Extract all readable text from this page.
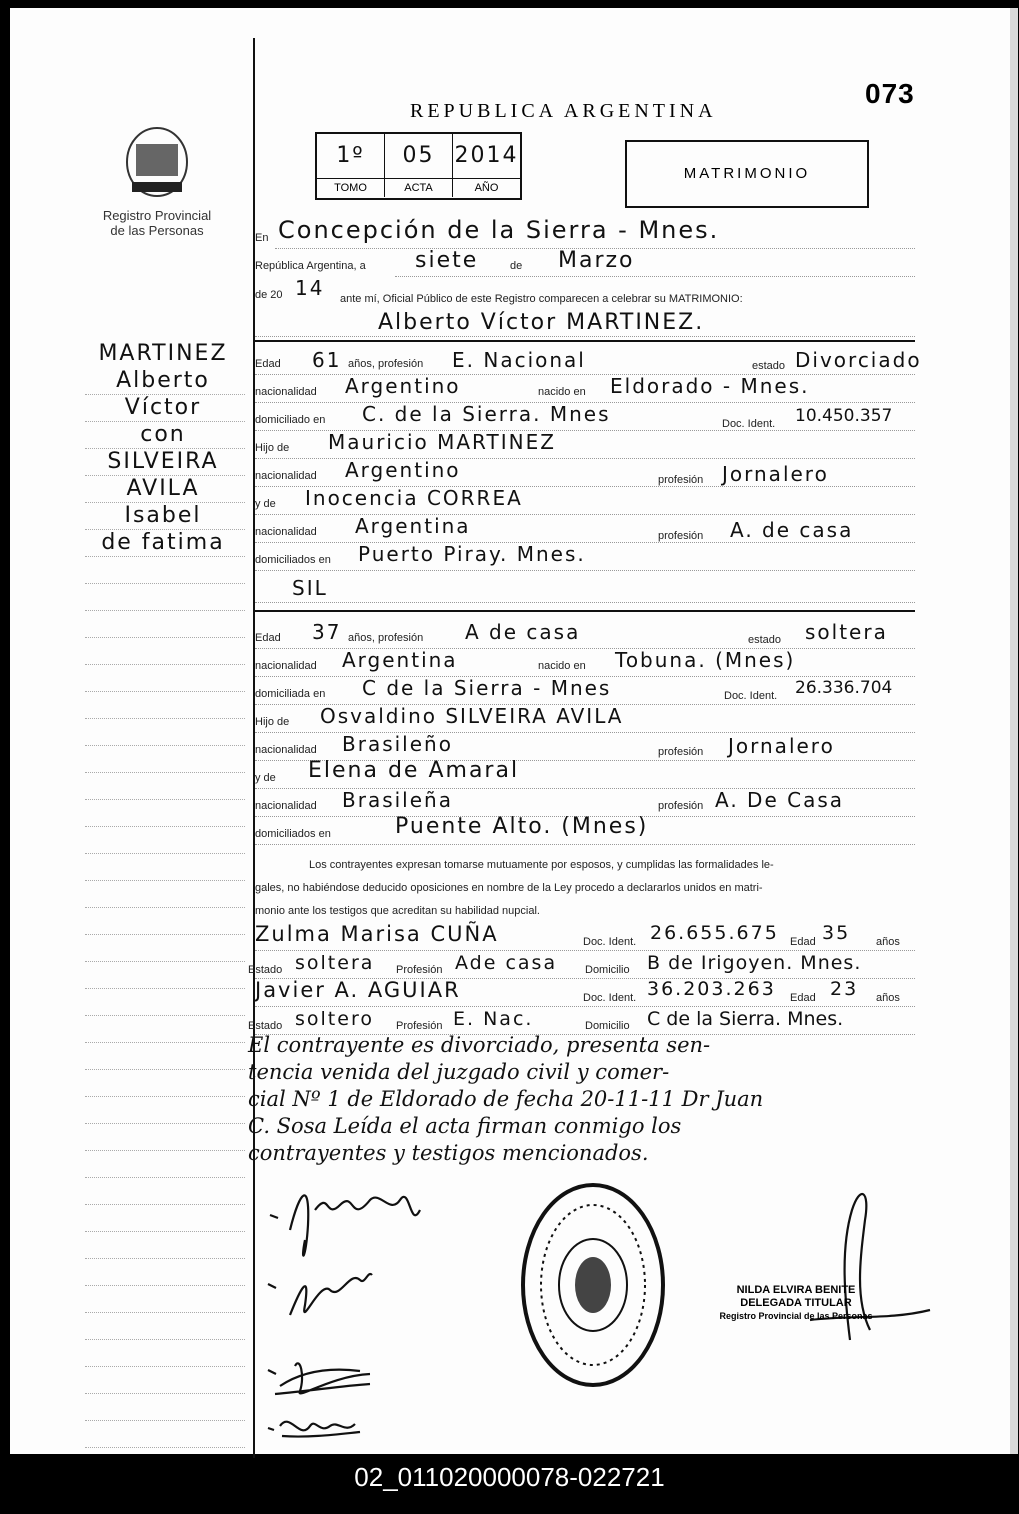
Registro Provincial
de las Personas
MARTINEZ
Alberto
Víctor
con
SILVEIRA
AVILA
Isabel
de fatima
REPUBLICA ARGENTINA
073
1º	05 2014
TOMO	ACTA	AÑO
MATRIMONIO
En Concepción de la Sierra - Mnes.
República Argentina, a siete	de Marzo
de 20 14 ante mí, Oficial Público de este Registro comparecen a celebrar su MATRIMONIO:
Alberto Víctor MARTINEZ.
Edad 61 años, profesión E. Nacional	estado Divorciado
nacionalidad Argentino	nacido en Eldorado - Mnes.
domiciliado en C. de la Sierra. Mnes	Doc. Ident. 10.450.357
Hijo de Mauricio MARTINEZ
nacionalidad Argentino	profesión Jornalero
y de Inocencia CORREA
nacionalidad Argentina	profesión A. de casa
domiciliados en Puerto Piray. Mnes.
SIL
Edad 37 años, profesión A de casa	estado soltera
nacionalidad Argentina	nacido en Tobuna. (Mnes)
domiciliada en C de la Sierra - Mnes	Doc. Ident. 26.336.704
Hijo de Osvaldino SILVEIRA AVILA
nacionalidad Brasileño	profesión Jornalero
y de Elena de Amaral
nacionalidad Brasileña	profesión A. De Casa
domiciliados en	Puente Alto. (Mnes)
Los contrayentes expresan tomarse mutuamente por esposos, y cumplidas las formalidades le-
gales, no habiéndose deducido oposiciones en nombre de la Ley procedo a declararlos unidos en matri-
monio ante los testigos que acreditan su habilidad nupcial.
Zulma Marisa CUÑA	Doc. Ident. 26.655.675 Edad 35 años
Estado soltera Profesión Ade casa	Domicilio B de Irigoyen. Mnes.
Javier A. AGUIAR	Doc. Ident. 36.203.263 Edad 23 años
Estado soltero Profesión E. Nac.	Domicilio C de la Sierra. Mnes.
El contrayente es divorciado, presenta sen-
tencia venida del juzgado civil y comer-
cial Nº 1 de Eldorado de fecha 20-11-11 Dr Juan
C. Sosa Leída el acta firman conmigo los
contrayentes y testigos mencionados.
NILDA ELVIRA BENITE
DELEGADA TITULAR
Registro Provincial de las Personas
02_011020000078-022721
